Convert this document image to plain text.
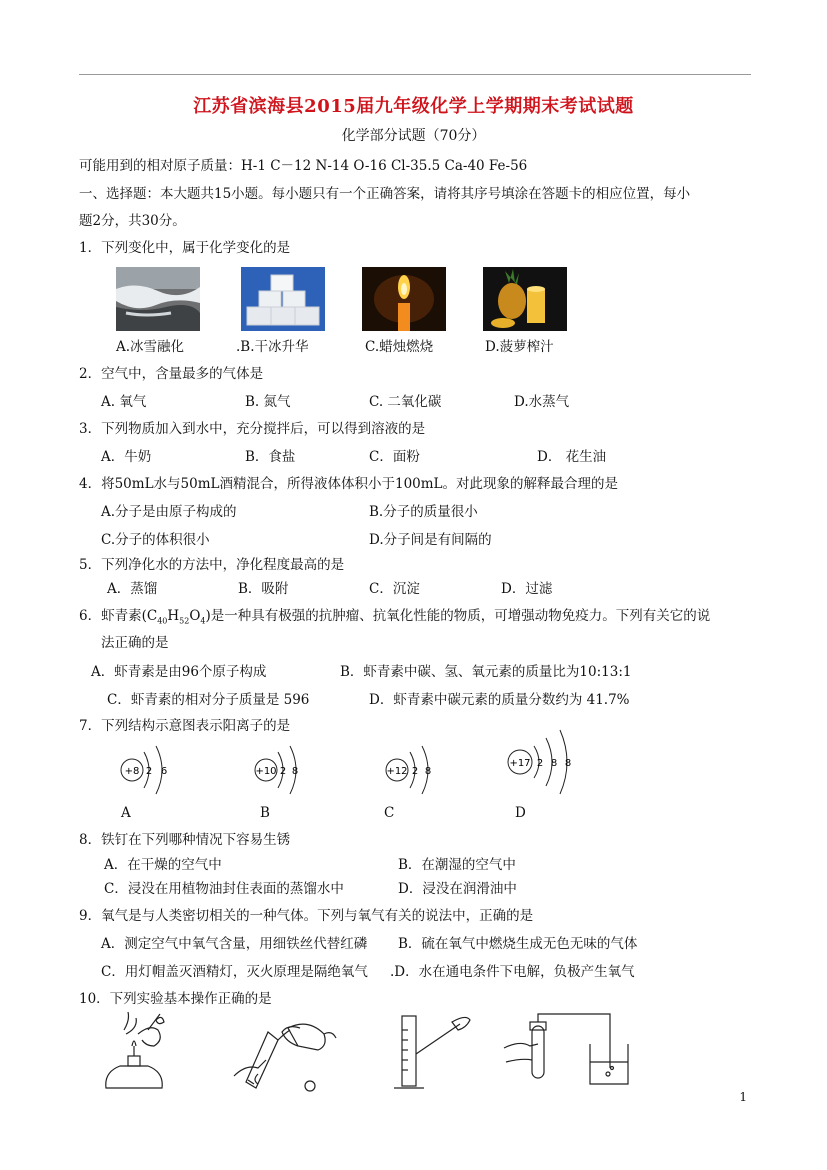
江苏省滨海县2015届九年级化学上学期期末考试试题
化学部分试题（70分）
可能用到的相对原子质量：H-1 C－12 N-14 O-16 Cl-35.5 Ca-40 Fe-56
一、选择题：本大题共15小题。每小题只有一个正确答案，请将其序号填涂在答题卡的相应位置，每小
题2分，共30分。
1．下列变化中，属于化学变化的是
A.冰雪融化	.B.干冰升华	C.蜡烛燃烧	D.菠萝榨汁
2．空气中，含量最多的气体是
A. 氧气	B. 氮气	C. 二氧化碳	D.水蒸气
3．下列物质加入到水中，充分搅拌后，可以得到溶液的是
A．牛奶	B．食盐	C．面粉	D． 花生油
4．将50mL水与50mL酒精混合，所得液体体积小于100mL。对此现象的解释最合理的是
A.分子是由原子构成的	B.分子的质量很小
C.分子的体积很小	D.分子间是有间隔的
5．下列净化水的方法中，净化程度最高的是
A．蒸馏	B．吸附	C．沉淀	D．过滤
6．虾青素$(C_{40}H_{52}O_4)$是一种具有极强的抗肿瘤、抗氧化性能的物质，可增强动物免疫力。下列有关它的说
法正确的是
A．虾青素是由96个原子构成	B．虾青素中碳、氢、氧元素的质量比为10:13:1
C．虾青素的相对分子质量是 596	D．虾青素中碳元素的质量分数约为 41.7%
7．下列结构示意图表示阳离子的是
+8 2 6	+10 2 8	+12 2 8
+17 2 8 8
A	B	C	D
8．铁钉在下列哪种情况下容易生锈
A．在干燥的空气中	B．在潮湿的空气中
C．浸没在用植物油封住表面的蒸馏水中	D．浸没在润滑油中
9．氧气是与人类密切相关的一种气体。下列与氧气有关的说法中，正确的是
A．测定空气中氧气含量，用细铁丝代替红磷 B．硫在氧气中燃烧生成无色无味的气体
C．用灯帽盖灭酒精灯，灭火原理是隔绝氧气 .D．水在通电条件下电解，负极产生氧气
10．下列实验基本操作正确的是
1
